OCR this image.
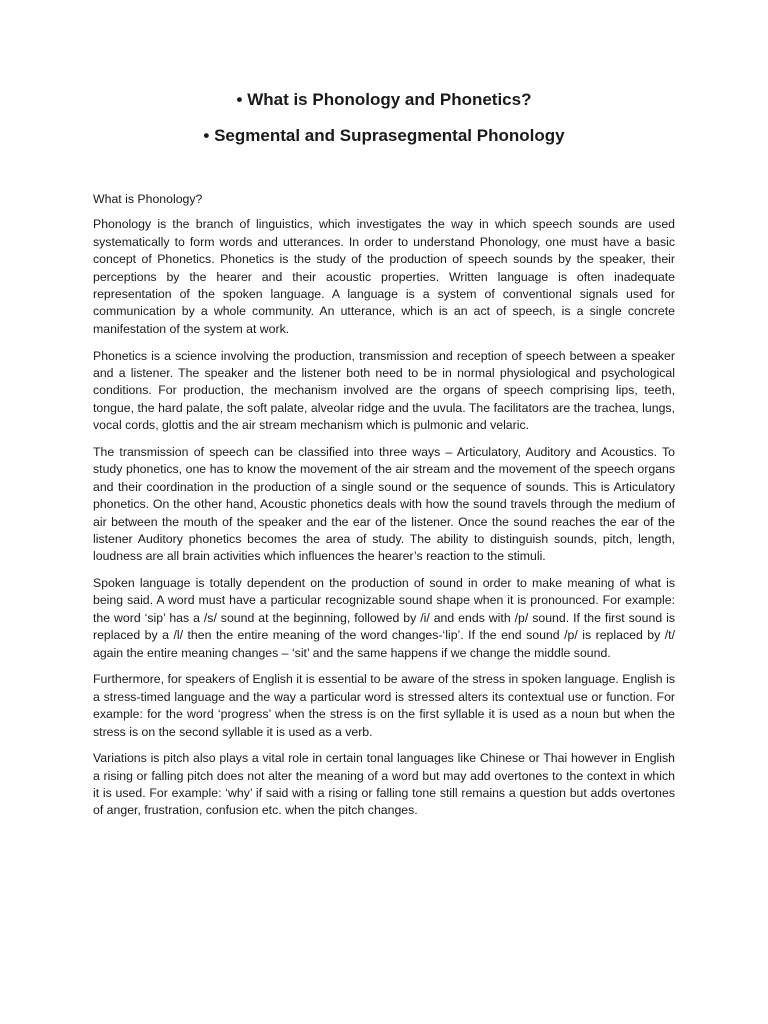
• What is Phonology and Phonetics?

• Segmental and Suprasegmental Phonology

What is Phonology?

Phonology is the branch of linguistics, which investigates the way in which speech sounds are used systematically to form words and utterances. In order to understand Phonology, one must have a basic concept of Phonetics. Phonetics is the study of the production of speech sounds by the speaker, their perceptions by the hearer and their acoustic properties. Written language is often inadequate representation of the spoken language. A language is a system of conventional signals used for communication by a whole community. An utterance, which is an act of speech, is a single concrete manifestation of the system at work.

Phonetics is a science involving the production, transmission and reception of speech between a speaker and a listener. The speaker and the listener both need to be in normal physiological and psychological conditions. For production, the mechanism involved are the organs of speech comprising lips, teeth, tongue, the hard palate, the soft palate, alveolar ridge and the uvula. The facilitators are the trachea, lungs, vocal cords, glottis and the air stream mechanism which is pulmonic and velaric.

The transmission of speech can be classified into three ways – Articulatory, Auditory and Acoustics. To study phonetics, one has to know the movement of the air stream and the movement of the speech organs and their coordination in the production of a single sound or the sequence of sounds. This is Articulatory phonetics. On the other hand, Acoustic phonetics deals with how the sound travels through the medium of air between the mouth of the speaker and the ear of the listener. Once the sound reaches the ear of the listener Auditory phonetics becomes the area of study. The ability to distinguish sounds, pitch, length, loudness are all brain activities which influences the hearer’s reaction to the stimuli.

Spoken language is totally dependent on the production of sound in order to make meaning of what is being said. A word must have a particular recognizable sound shape when it is pronounced. For example: the word ‘sip’ has a /s/ sound at the beginning, followed by /i/ and ends with /p/ sound. If the first sound is replaced by a /l/ then the entire meaning of the word changes-‘lip’. If the end sound /p/ is replaced by /t/ again the entire meaning changes – ‘sit’ and the same happens if we change the middle sound.

Furthermore, for speakers of English it is essential to be aware of the stress in spoken language. English is a stress-timed language and the way a particular word is stressed alters its contextual use or function. For example: for the word ‘progress’ when the stress is on the first syllable it is used as a noun but when the stress is on the second syllable it is used as a verb.

Variations is pitch also plays a vital role in certain tonal languages like Chinese or Thai however in English a rising or falling pitch does not alter the meaning of a word but may add overtones to the context in which it is used. For example: ‘why’ if said with a rising or falling tone still remains a question but adds overtones of anger, frustration, confusion etc. when the pitch changes.
